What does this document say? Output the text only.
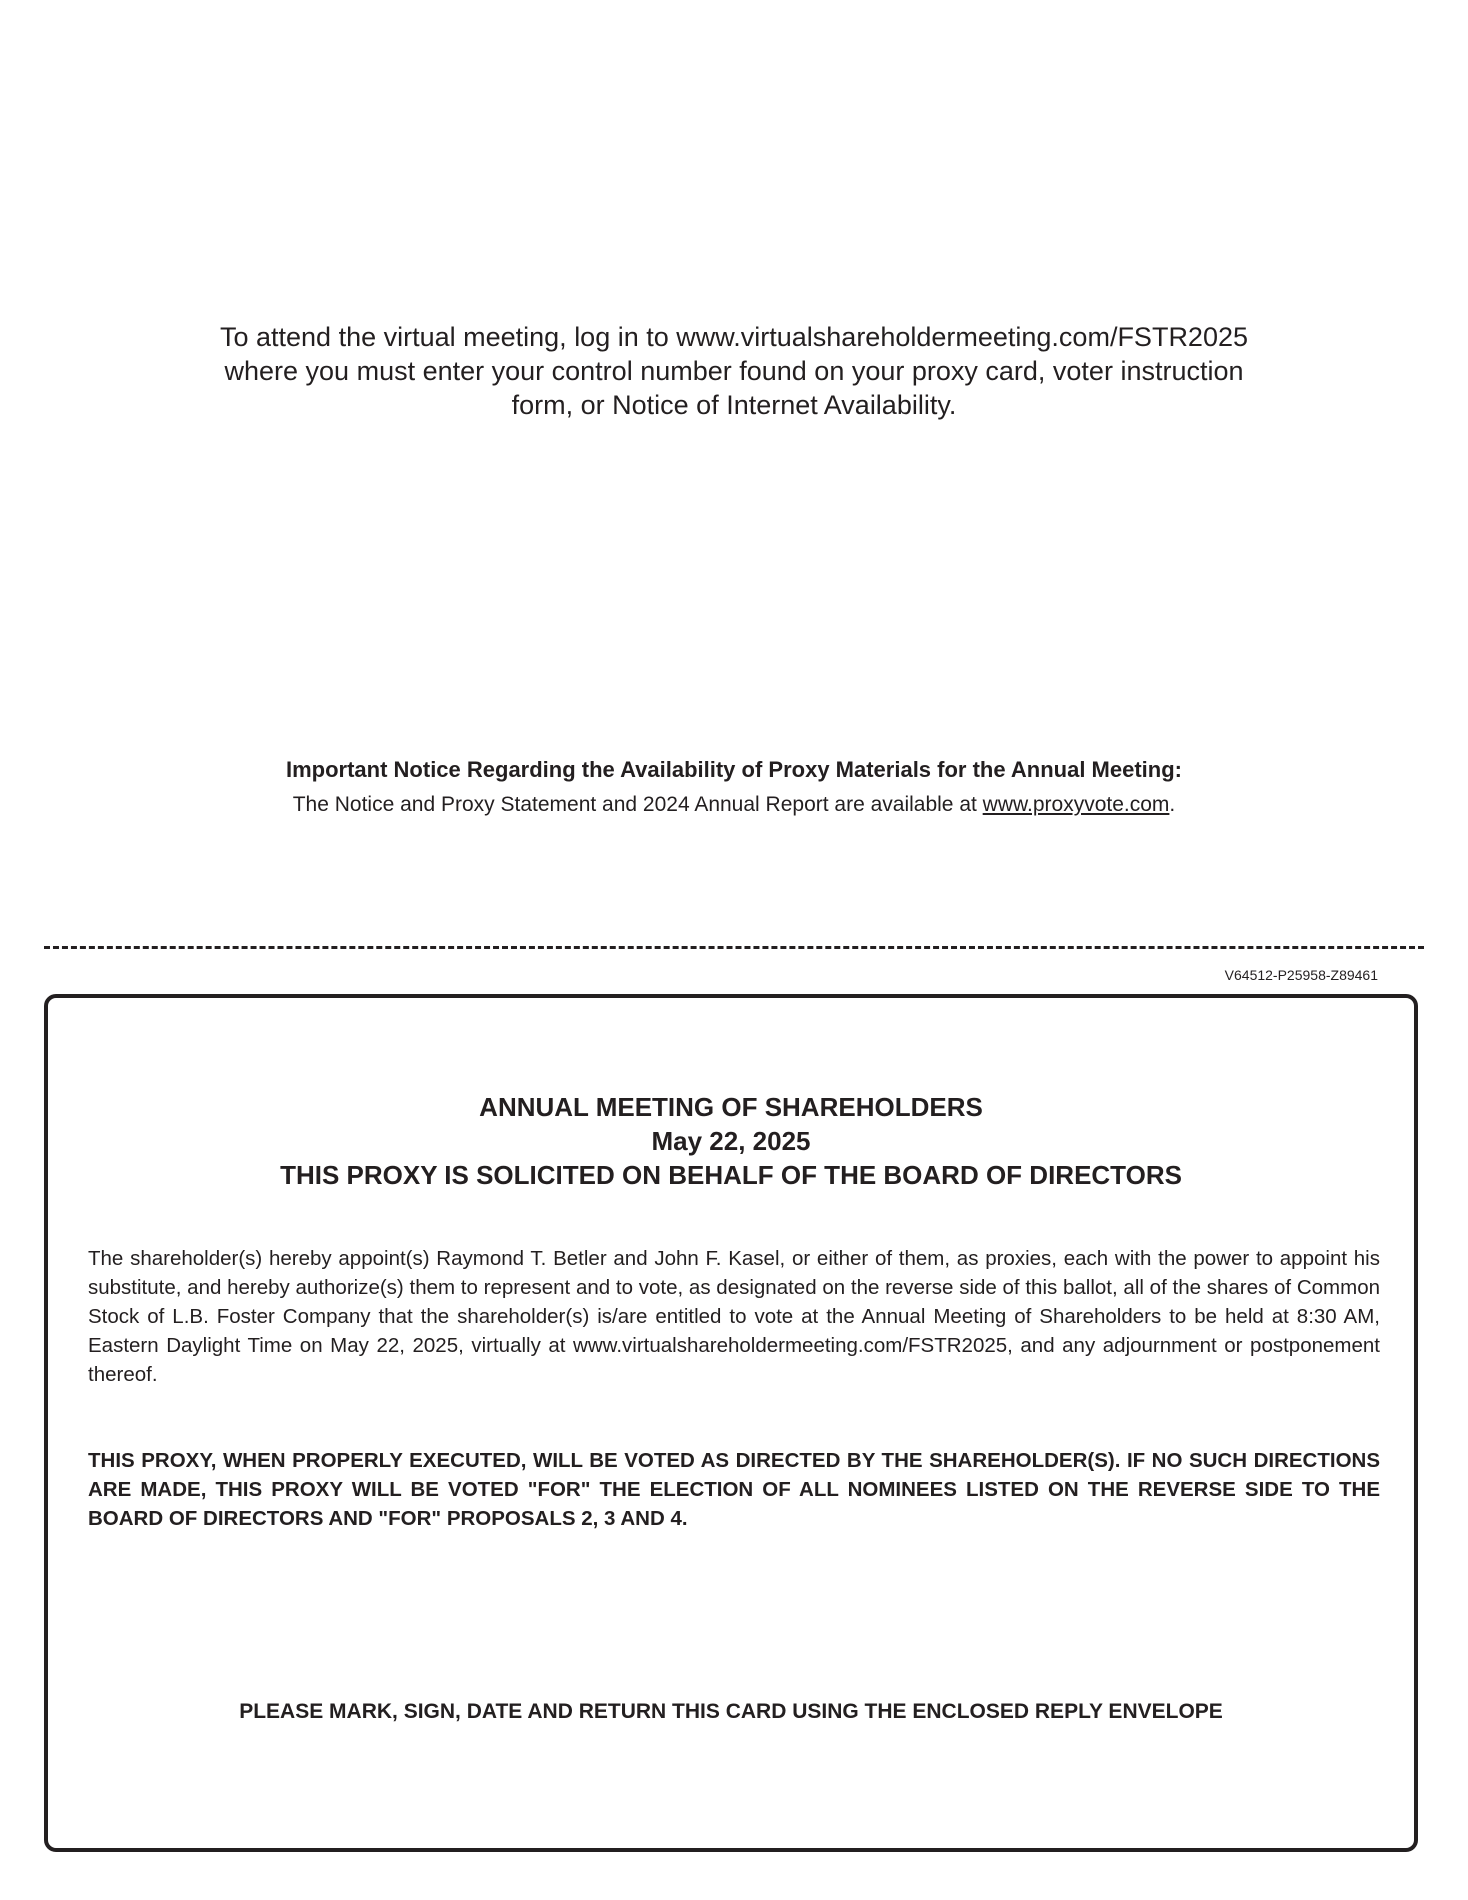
To attend the virtual meeting, log in to www.virtualshareholdermeeting.com/FSTR2025
where you must enter your control number found on your proxy card, voter instruction
form, or Notice of Internet Availability.
Important Notice Regarding the Availability of Proxy Materials for the Annual Meeting:
The Notice and Proxy Statement and 2024 Annual Report are available at www.proxyvote.com.
V64512-P25958-Z89461
ANNUAL MEETING OF SHAREHOLDERS
May 22, 2025
THIS PROXY IS SOLICITED ON BEHALF OF THE BOARD OF DIRECTORS
The shareholder(s) hereby appoint(s) Raymond T. Betler and John F. Kasel, or either of them, as proxies, each with the power to appoint his substitute, and hereby authorize(s) them to represent and to vote, as designated on the reverse side of this ballot, all of the shares of Common Stock of L.B. Foster Company that the shareholder(s) is/are entitled to vote at the Annual Meeting of Shareholders to be held at 8:30 AM, Eastern Daylight Time on May 22, 2025, virtually at www.virtualshareholdermeeting.com/FSTR2025, and any adjournment or postponement thereof.
THIS PROXY, WHEN PROPERLY EXECUTED, WILL BE VOTED AS DIRECTED BY THE SHAREHOLDER(S). IF NO SUCH DIRECTIONS ARE MADE, THIS PROXY WILL BE VOTED "FOR" THE ELECTION OF ALL NOMINEES LISTED ON THE REVERSE SIDE TO THE BOARD OF DIRECTORS AND "FOR" PROPOSALS 2, 3 AND 4.
PLEASE MARK, SIGN, DATE AND RETURN THIS CARD USING THE ENCLOSED REPLY ENVELOPE
